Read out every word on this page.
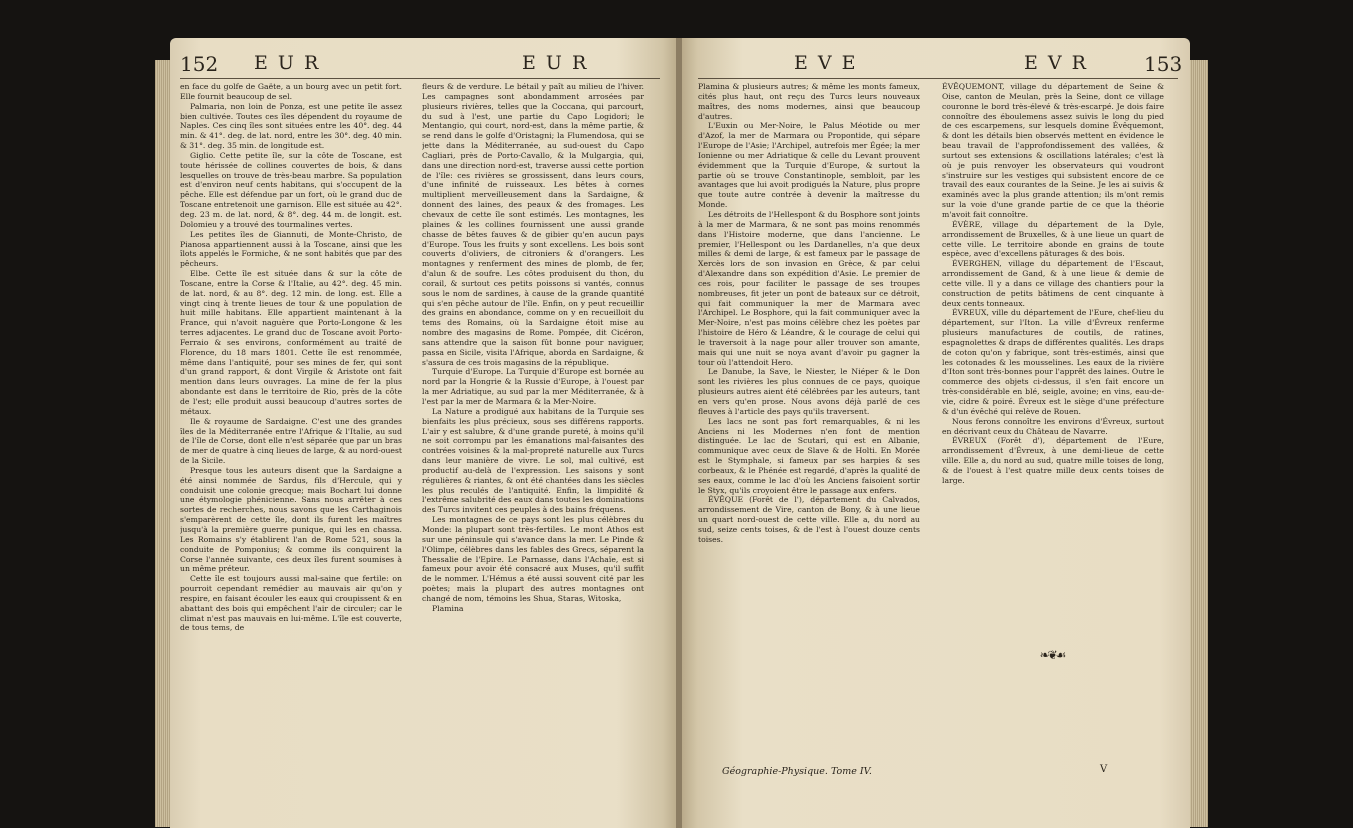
152 E U R	E U R

en face du golfe de Gaëte, a un bourg avec un petit fort. Elle fournit beaucoup de sel.

Palmaria, non loin de Ponza, est une petite île assez bien cultivée. Toutes ces îles dépendent du royaume de Naples. Ces cinq îles sont situées entre les 40°. deg. 44 min. & 41°. deg. de lat. nord, entre les 30°. deg. 40 min. & 31°. deg. 35 min. de longitude est.

Giglio. Cette petite île, sur la côte de Toscane, est toute hérissée de collines couvertes de bois, & dans lesquelles on trouve de très-beau marbre. Sa population est d'environ neuf cents habitans, qui s'occupent de la pêche. Elle est défendue par un fort, où le grand duc de Toscane entretenoit une garnison. Elle est située au 42°. deg. 23 m. de lat. nord, & 8°. deg. 44 m. de longit. est. Dolomieu y a trouvé des tourmalines vertes.

Les petites îles de Giannuti, de Monte-Christo, de Pianosa appartiennent aussi à la Toscane, ainsi que les îlots appelés le Formiche, & ne sont habités que par des pêcheurs.

Elbe. Cette île est située dans & sur la côte de Toscane, entre la Corse & l'Italie, au 42°. deg. 45 min. de lat. nord, & au 8°. deg. 12 min. de long. est. Elle a vingt cinq à trente lieues de tour & une population de huit mille habitans. Elle appartient maintenant à la France, qui n'avoit naguère que Porto-Longone & les terres adjacentes. Le grand duc de Toscane avoit Porto-Ferraio & ses environs, conformément au traité de Florence, du 18 mars 1801. Cette île est renommée, même dans l'antiquité, pour ses mines de fer, qui sont d'un grand rapport, & dont Virgile & Aristote ont fait mention dans leurs ouvrages. La mine de fer la plus abondante est dans le territoire de Rio, près de la côte de l'est; elle produit aussi beaucoup d'autres sortes de métaux.

Ile & royaume de Sardaigne. C'est une des grandes îles de la Méditerranée entre l'Afrique & l'Italie, au sud de l'île de Corse, dont elle n'est séparée que par un bras de mer de quatre à cinq lieues de large, & au nord-ouest de la Sicile.

Presque tous les auteurs disent que la Sardaigne a été ainsi nommée de Sardus, fils d'Hercule, qui y conduisit une colonie grecque; mais Bochart lui donne une étymologie phénicienne. Sans nous arrêter à ces sortes de recherches, nous savons que les Carthaginois s'emparèrent de cette île, dont ils furent les maîtres jusqu'à la première guerre punique, qui les en chassa. Les Romains s'y établirent l'an de Rome 521, sous la conduite de Pomponius; & comme ils conquirent la Corse l'année suivante, ces deux îles furent soumises à un même préteur.

Cette île est toujours aussi mal-saine que fertile: on pourroit cependant remédier au mauvais air qu'on y respire, en faisant écouler les eaux qui croupissent & en abattant des bois qui empêchent l'air de circuler; car le climat n'est pas mauvais en lui-même. L'île est couverte, de tous tems, de

fleurs & de verdure. Le bétail y paît au milieu de l'hiver. Les campagnes sont abondamment arrosées par plusieurs rivières, telles que la Coccana, qui parcourt, du sud à l'est, une partie du Capo Logidori; le Mentangio, qui court, nord-est, dans la même partie, & se rend dans le golfe d'Oristagni; la Flumendosa, qui se jette dans la Méditerranée, au sud-ouest du Capo Cagliari, près de Porto-Cavallo, & la Mulgargia, qui, dans une direction nord-est, traverse aussi cette portion de l'île: ces rivières se grossissent, dans leurs cours, d'une infinité de ruisseaux. Les bêtes à cornes multiplient merveilleusement dans la Sardaigne, & donnent des laines, des peaux & des fromages. Les chevaux de cette île sont estimés. Les montagnes, les plaines & les collines fournissent une aussi grande chasse de bêtes fauves & de gibier qu'en aucun pays d'Europe. Tous les fruits y sont excellens. Les bois sont couverts d'oliviers, de citroniers & d'orangers. Les montagnes y renferment des mines de plomb, de fer, d'alun & de soufre. Les côtes produisent du thon, du corail, & surtout ces petits poissons si vantés, connus sous le nom de sardines, à cause de la grande quantité qui s'en pêche autour de l'île. Enfin, on y peut recueillir des grains en abondance, comme on y en recueilloit du tems des Romains, où la Sardaigne étoit mise au nombre des magasins de Rome. Pompée, dit Cicéron, sans attendre que la saison fût bonne pour naviguer, passa en Sicile, visita l'Afrique, aborda en Sardaigne, & s'assura de ces trois magasins de la république.

Turquie d'Europe. La Turquie d'Europe est bornée au nord par la Hongrie & la Russie d'Europe, à l'ouest par la mer Adriatique, au sud par la mer Méditerranée, & à l'est par la mer de Marmara & la Mer-Noire.

La Nature a prodigué aux habitans de la Turquie ses bienfaits les plus précieux, sous ses différens rapports. L'air y est salubre, & d'une grande pureté, à moins qu'il ne soit corrompu par les émanations mal-faisantes des contrées voisines & la mal-propreté naturelle aux Turcs dans leur manière de vivre. Le sol, mal cultivé, est productif au-delà de l'expression. Les saisons y sont régulières & riantes, & ont été chantées dans les siècles les plus reculés de l'antiquité. Enfin, la limpidité & l'extrême salubrité des eaux dans toutes les dominations des Turcs invitent ces peuples à des bains fréquens.

Les montagnes de ce pays sont les plus célèbres du Monde: la plupart sont très-fertiles. Le mont Athos est sur une péninsule qui s'avance dans la mer. Le Pinde & l'Olimpe, célèbres dans les fables des Grecs, séparent la Thessalie de l'Epire. Le Parnasse, dans l'Achaïe, est si fameux pour avoir été consacré aux Muses, qu'il suffit de le nommer. L'Hémus a été aussi souvent cité par les poètes; mais la plupart des autres montagnes ont changé de nom, témoins les Shua, Staras, Witoska,

Plamina

E V E	E V R	153

Plamina & plusieurs autres; & même les monts fameux, cités plus haut, ont reçu des Turcs leurs nouveaux maîtres, des noms modernes, ainsi que beaucoup d'autres.

L'Euxin ou Mer-Noire, le Palus Méotide ou mer d'Azof, la mer de Marmara ou Propontide, qui sépare l'Europe de l'Asie; l'Archipel, autrefois mer Égée; la mer Ionienne ou mer Adriatique & celle du Levant prouvent évidemment que la Turquie d'Europe, & surtout la partie où se trouve Constantinople, sembloit, par les avantages que lui avoit prodigués la Nature, plus propre que toute autre contrée à devenir la maîtresse du Monde.

Les détroits de l'Hellespont & du Bosphore sont joints à la mer de Marmara, & ne sont pas moins renommés dans l'Histoire moderne, que dans l'ancienne. Le premier, l'Hellespont ou les Dardanelles, n'a que deux milles & demi de large, & est fameux par le passage de Xercès lors de son invasion en Grèce, & par celui d'Alexandre dans son expédition d'Asie. Le premier de ces rois, pour faciliter le passage de ses troupes nombreuses, fit jeter un pont de bateaux sur ce détroit, qui fait communiquer la mer de Marmara avec l'Archipel. Le Bosphore, qui la fait communiquer avec la Mer-Noire, n'est pas moins célèbre chez les poètes par l'histoire de Héro & Léandre, & le courage de celui qui le traversoit à la nage pour aller trouver son amante, mais qui une nuit se noya avant d'avoir pu gagner la tour où l'attendoit Hero.

Le Danube, la Save, le Niester, le Niéper & le Don sont les rivières les plus connues de ce pays, quoique plusieurs autres aient été célébrées par les auteurs, tant en vers qu'en prose. Nous avons déjà parlé de ces fleuves à l'article des pays qu'ils traversent.

Les lacs ne sont pas fort remarquables, & ni les Anciens ni les Modernes n'en font de mention distinguée. Le lac de Scutari, qui est en Albanie, communique avec ceux de Slave & de Holti. En Morée est le Stymphale, si fameux par ses harpies & ses corbeaux, & le Phénée est regardé, d'après la qualité de ses eaux, comme le lac d'où les Anciens faisoient sortir le Styx, qu'ils croyoient être le passage aux enfers.

ÉVÊQUE (Forêt de l'), département du Calvados, arrondissement de Vire, canton de Bony, & à une lieue un quart nord-ouest de cette ville. Elle a, du nord au sud, seize cents toises, & de l'est à l'ouest douze cents toises.

ÉVÊQUEMONT, village du département de Seine & Oise, canton de Meulan, près la Seine, dont ce village couronne le bord très-élevé & très-escarpé. Je dois faire connoître des éboulemens assez suivis le long du pied de ces escarpemens, sur lesquels domine Évêquemont, & dont les détails bien observés mettent en évidence le beau travail de l'approfondissement des vallées, & surtout ses extensions & oscillations latérales; c'est là où je puis renvoyer les observateurs qui voudront s'instruire sur les vestiges qui subsistent encore de ce travail des eaux courantes de la Seine. Je les ai suivis & examinés avec la plus grande attention; ils m'ont remis sur la voie d'une grande partie de ce que la théorie m'avoit fait connoître.

ÉVÈRE, village du département de la Dyle, arrondissement de Bruxelles, & à une lieue un quart de cette ville. Le territoire abonde en grains de toute espèce, avec d'excellens pâturages & des bois.

ÉVERGHEN, village du département de l'Escaut, arrondissement de Gand, & à une lieue & demie de cette ville. Il y a dans ce village des chantiers pour la construction de petits bâtimens de cent cinquante à deux cents tonneaux.

ÉVREUX, ville du département de l'Eure, chef-lieu du département, sur l'Iton. La ville d'Évreux renferme plusieurs manufactures de coutils, de ratines, espagnolettes & draps de différentes qualités. Les draps de coton qu'on y fabrique, sont très-estimés, ainsi que les cotonades & les mousselines. Les eaux de la rivière d'Iton sont très-bonnes pour l'apprêt des laines. Outre le commerce des objets ci-dessus, il s'en fait encore un très-considérable en blé, seigle, avoine; en vins, eau-de-vie, cidre & poiré. Évreux est le siège d'une préfecture & d'un évêché qui relève de Rouen.

Nous ferons connoître les environs d'Évreux, surtout en décrivant ceux du Château de Navarre.

ÉVREUX (Forêt d'), département de l'Eure, arrondissement d'Évreux, à une demi-lieue de cette ville. Elle a, du nord au sud, quatre mille toises de long, & de l'ouest à l'est quatre mille deux cents toises de large.

❧❦☙
Géographie-Physique. Tome IV.	V
